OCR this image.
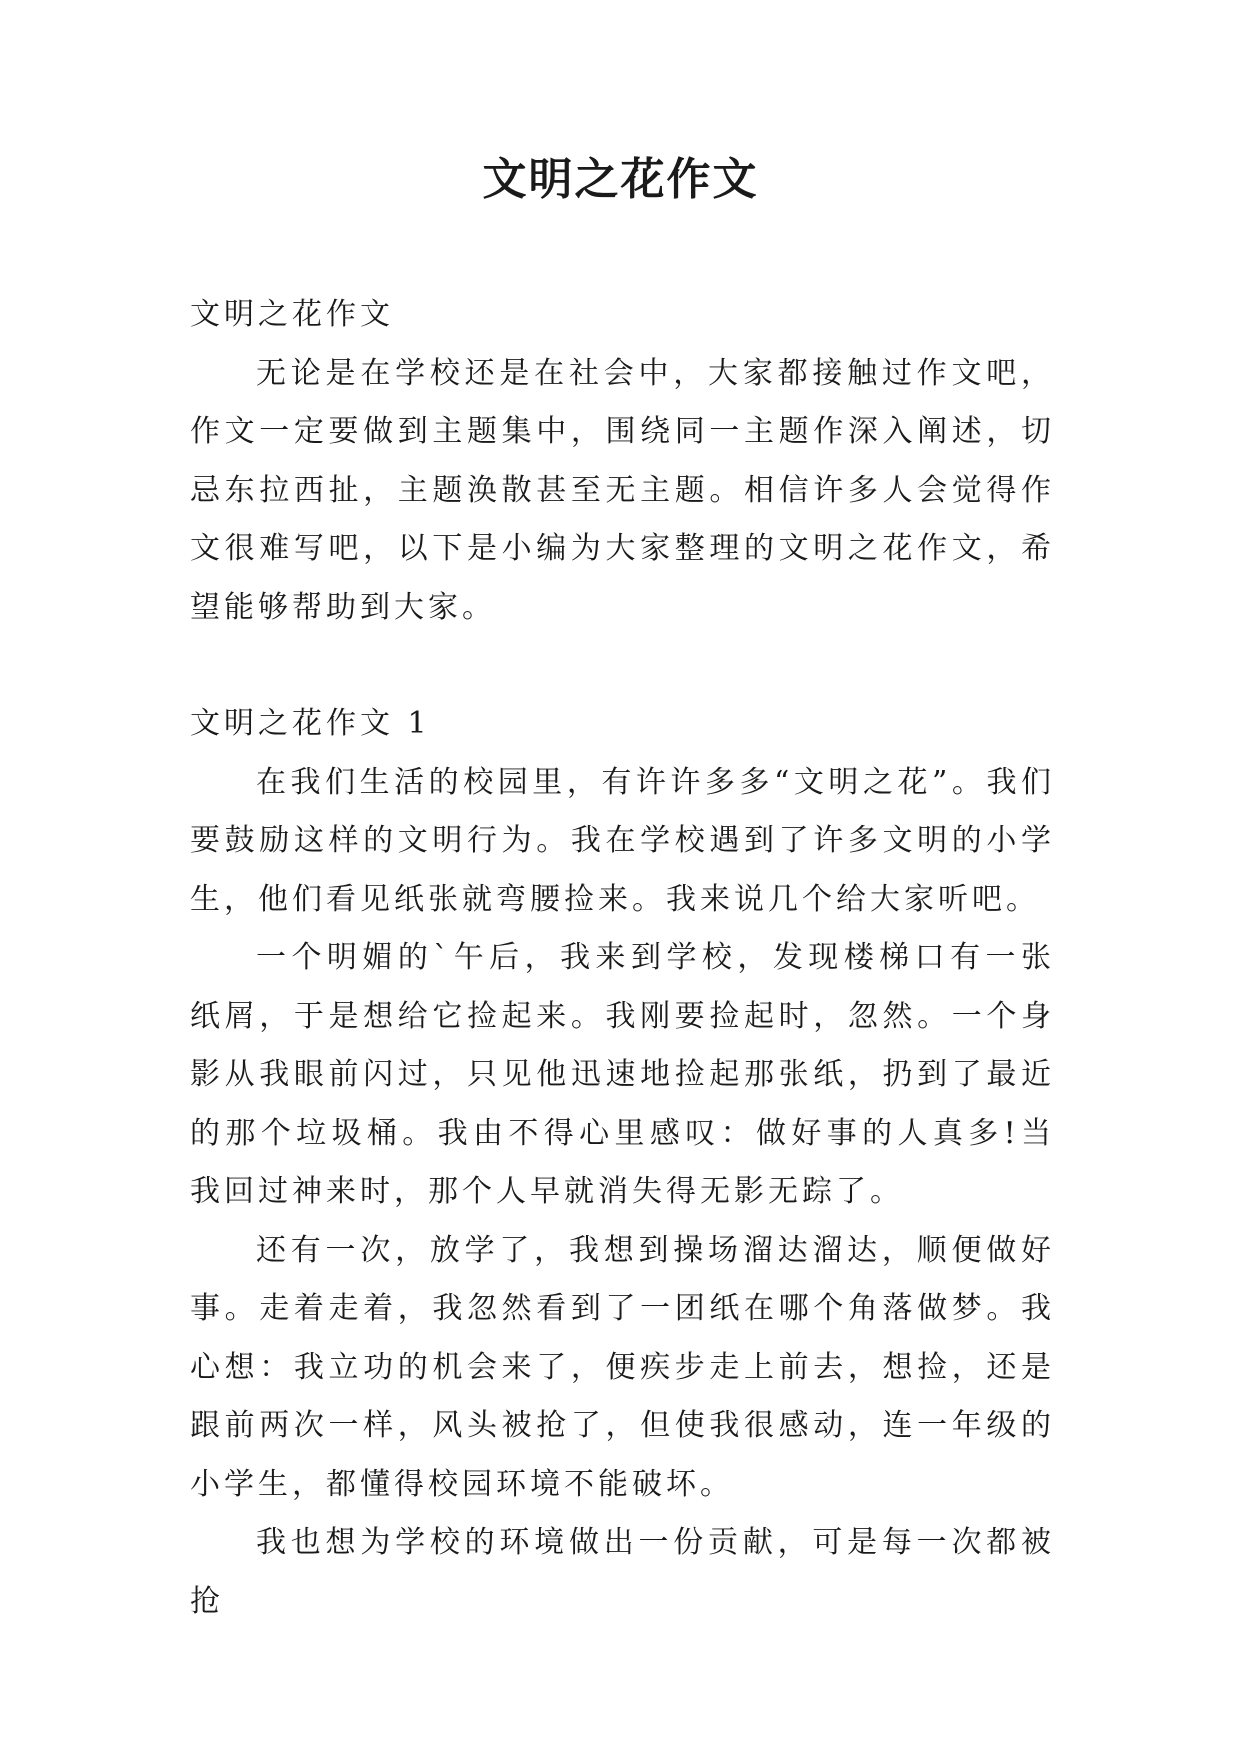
文明之花作文

文明之花作文

无论是在学校还是在社会中，大家都接触过作文吧，作文一定要做到主题集中，围绕同一主题作深入阐述，切忌东拉西扯，主题涣散甚至无主题。相信许多人会觉得作文很难写吧，以下是小编为大家整理的文明之花作文，希望能够帮助到大家。

文明之花作文 1

在我们生活的校园里，有许许多多“文明之花”。我们要鼓励这样的文明行为。我在学校遇到了许多文明的小学生，他们看见纸张就弯腰捡来。我来说几个给大家听吧。

一个明媚的`午后，我来到学校，发现楼梯口有一张纸屑，于是想给它捡起来。我刚要捡起时，忽然。一个身影从我眼前闪过，只见他迅速地捡起那张纸，扔到了最近的那个垃圾桶。我由不得心里感叹：做好事的人真多!当我回过神来时，那个人早就消失得无影无踪了。

还有一次，放学了，我想到操场溜达溜达，顺便做好事。走着走着，我忽然看到了一团纸在哪个角落做梦。我心想：我立功的机会来了，便疾步走上前去，想捡，还是跟前两次一样，风头被抢了，但使我很感动，连一年级的小学生，都懂得校园环境不能破坏。

我也想为学校的环境做出一份贡献，可是每一次都被抢
